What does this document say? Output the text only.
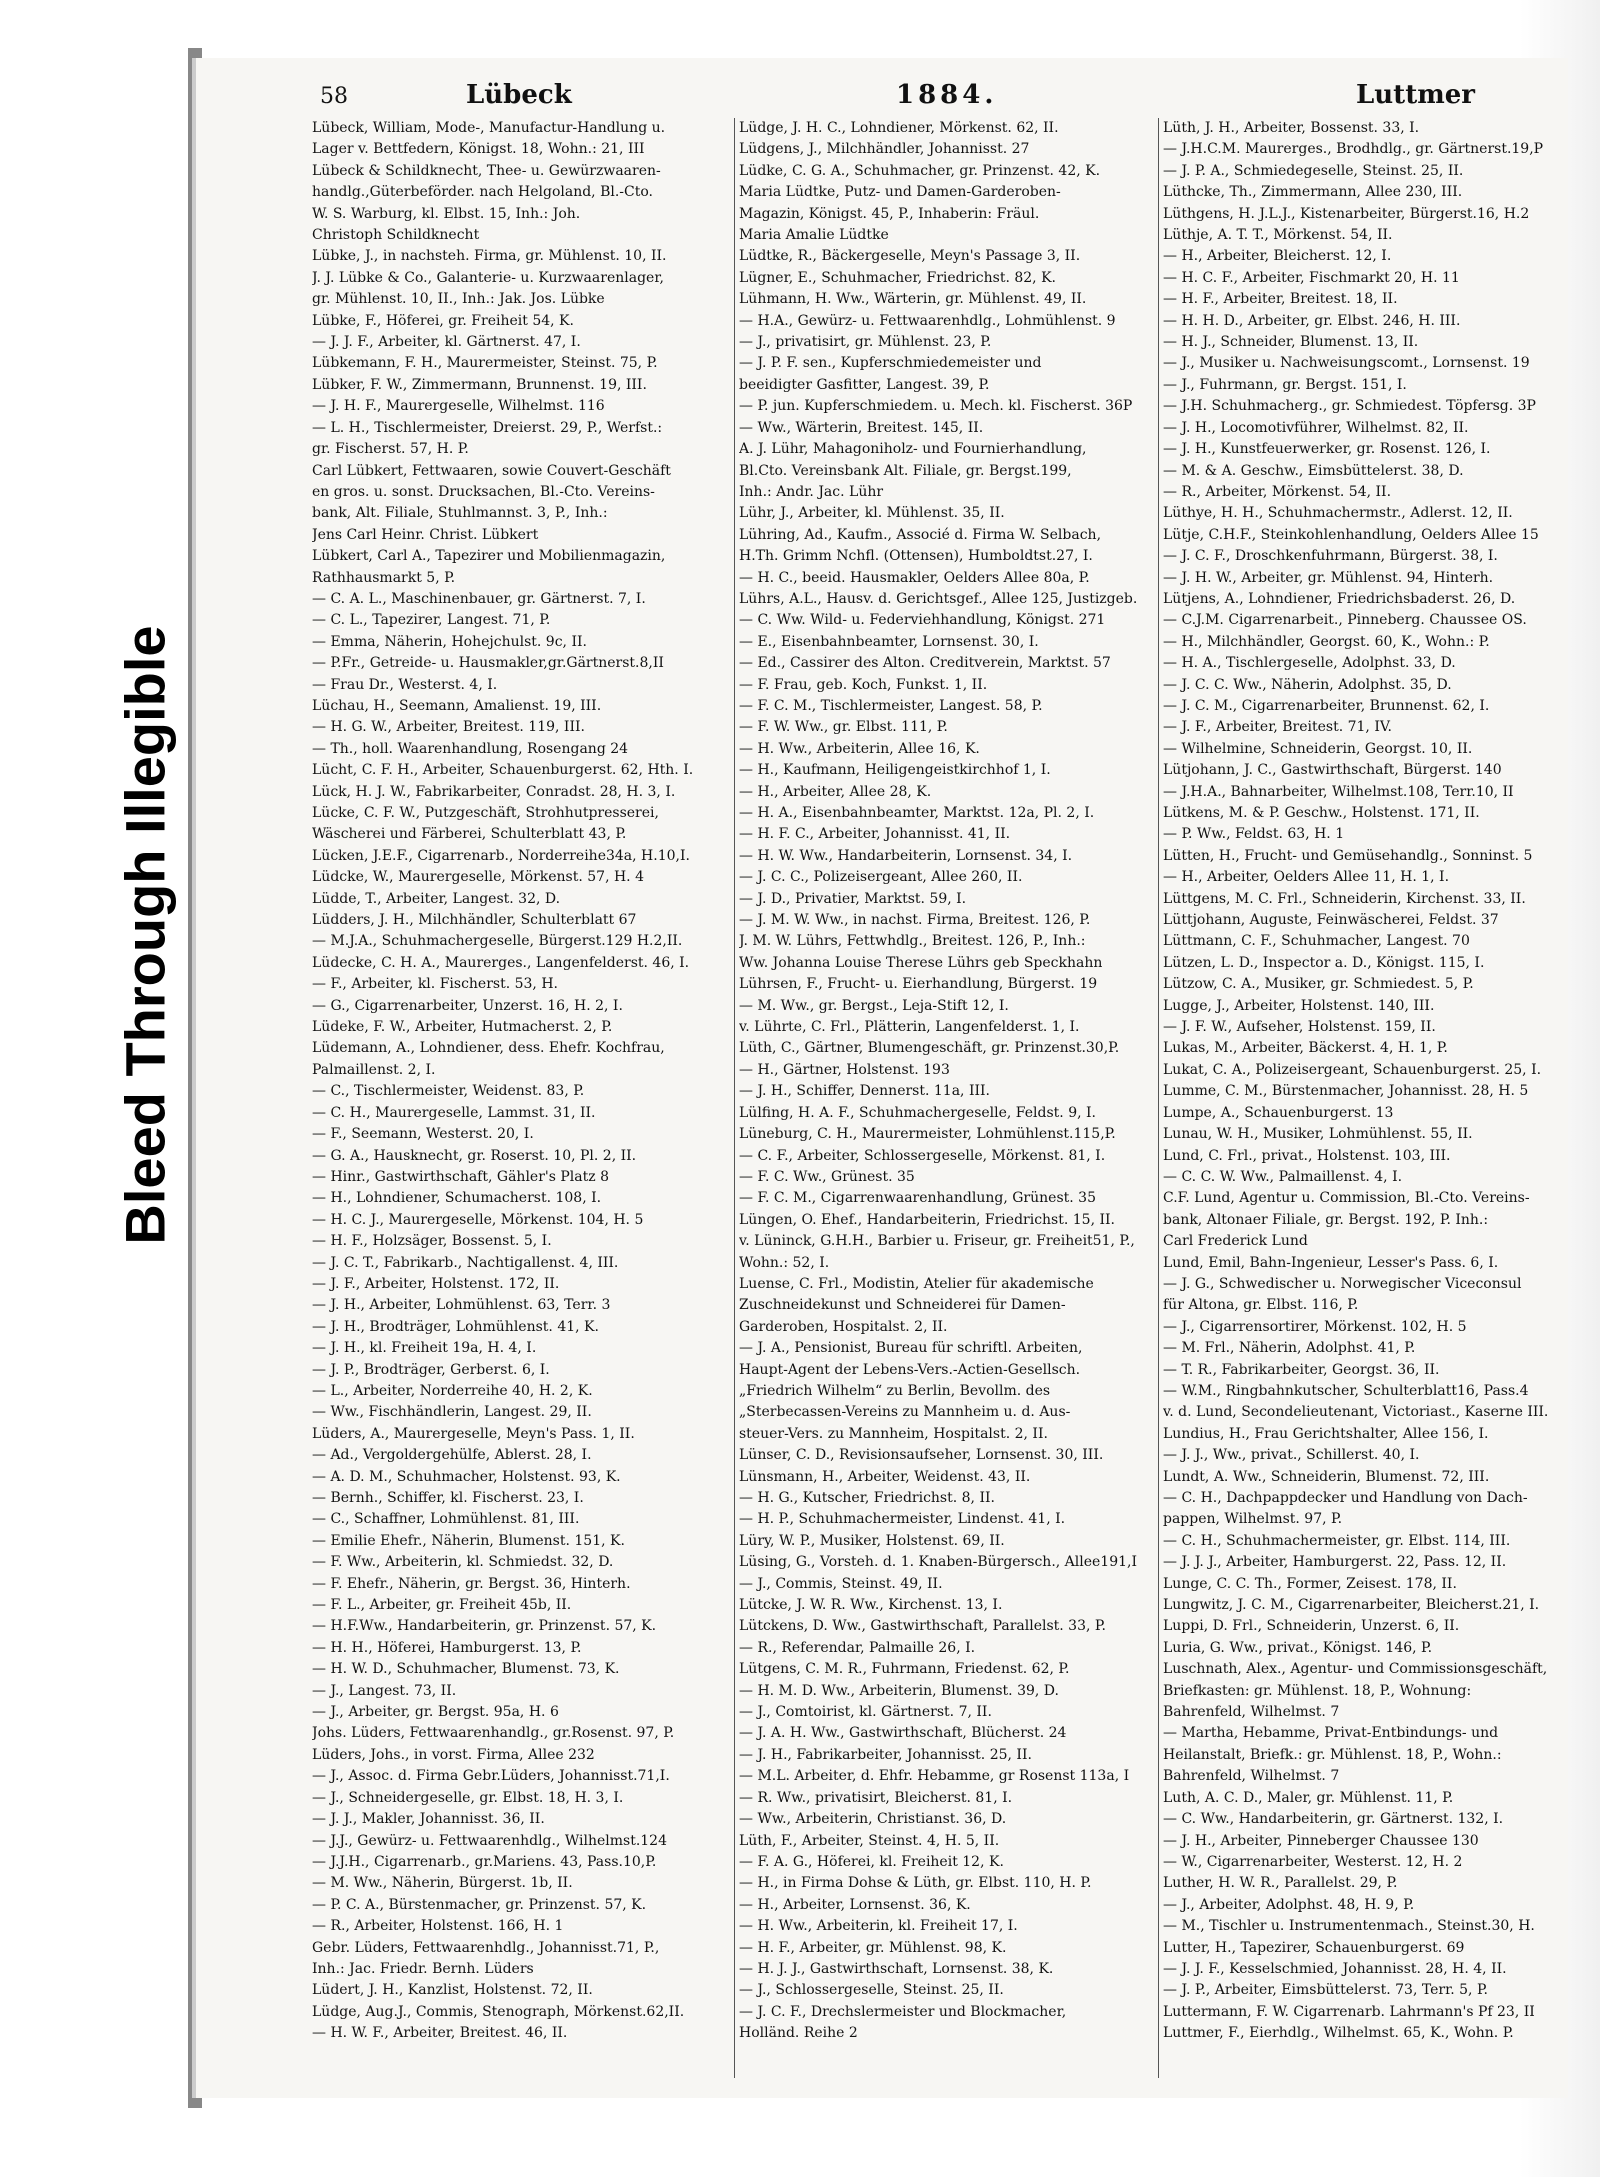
58	Lübeck	1884.	Luttmer
Lübeck, William, Mode-, Manufactur-Handlung u.
Lager v. Bettfedern, Königst. 18, Wohn.: 21, III
Lübeck & Schildknecht, Thee- u. Gewürzwaaren-
handlg.,Güterbeförder. nach Helgoland, Bl.-Cto.
W. S. Warburg, kl. Elbst. 15, Inh.: Joh.
Christoph Schildknecht
Lübke, J., in nachsteh. Firma, gr. Mühlenst. 10, II.
J. J. Lübke & Co., Galanterie- u. Kurzwaarenlager,
gr. Mühlenst. 10, II., Inh.: Jak. Jos. Lübke
Lübke, F., Höferei, gr. Freiheit 54, K.
— J. J. F., Arbeiter, kl. Gärtnerst. 47, I.
Lübkemann, F. H., Maurermeister, Steinst. 75, P.
Lübker, F. W., Zimmermann, Brunnenst. 19, III.
— J. H. F., Maurergeselle, Wilhelmst. 116
— L. H., Tischlermeister, Dreierst. 29, P., Werfst.:
gr. Fischerst. 57, H. P.
Carl Lübkert, Fettwaaren, sowie Couvert-Geschäft
en gros. u. sonst. Drucksachen, Bl.-Cto. Vereins-
bank, Alt. Filiale, Stuhlmannst. 3, P., Inh.:
Jens Carl Heinr. Christ. Lübkert
Lübkert, Carl A., Tapezirer und Mobilienmagazin,
Rathhausmarkt 5, P.
— C. A. L., Maschinenbauer, gr. Gärtnerst. 7, I.
— C. L., Tapezirer, Langest. 71, P.
— Emma, Näherin, Hohejchulst. 9c, II.
— P.Fr., Getreide- u. Hausmakler,gr.Gärtnerst.8,II
— Frau Dr., Westerst. 4, I.
Lüchau, H., Seemann, Amalienst. 19, III.
— H. G. W., Arbeiter, Breitest. 119, III.
— Th., holl. Waarenhandlung, Rosengang 24
Lücht, C. F. H., Arbeiter, Schauenburgerst. 62, Hth. I.
Lück, H. J. W., Fabrikarbeiter, Conradst. 28, H. 3, I.
Lücke, C. F. W., Putzgeschäft, Strohhutpresserei,
Wäscherei und Färberei, Schulterblatt 43, P.
Lücken, J.E.F., Cigarrenarb., Norderreihe34a, H.10,I.
Lüdcke, W., Maurergeselle, Mörkenst. 57, H. 4
Lüdde, T., Arbeiter, Langest. 32, D.
Lüdders, J. H., Milchhändler, Schulterblatt 67
— M.J.A., Schuhmachergeselle, Bürgerst.129 H.2,II.
Lüdecke, C. H. A., Maurerges., Langenfelderst. 46, I.
— F., Arbeiter, kl. Fischerst. 53, H.
— G., Cigarrenarbeiter, Unzerst. 16, H. 2, I.
Lüdeke, F. W., Arbeiter, Hutmacherst. 2, P.
Lüdemann, A., Lohndiener, dess. Ehefr. Kochfrau,
Palmaillenst. 2, I.
— C., Tischlermeister, Weidenst. 83, P.
— C. H., Maurergeselle, Lammst. 31, II.
— F., Seemann, Westerst. 20, I.
— G. A., Hausknecht, gr. Roserst. 10, Pl. 2, II.
— Hinr., Gastwirthschaft, Gähler's Platz 8
— H., Lohndiener, Schumacherst. 108, I.
— H. C. J., Maurergeselle, Mörkenst. 104, H. 5
— H. F., Holzsäger, Bossenst. 5, I.
— J. C. T., Fabrikarb., Nachtigallenst. 4, III.
— J. F., Arbeiter, Holstenst. 172, II.
— J. H., Arbeiter, Lohmühlenst. 63, Terr. 3
— J. H., Brodträger, Lohmühlenst. 41, K.
— J. H., kl. Freiheit 19a, H. 4, I.
— J. P., Brodträger, Gerberst. 6, I.
— L., Arbeiter, Norderreihe 40, H. 2, K.
— Ww., Fischhändlerin, Langest. 29, II.
Lüders, A., Maurergeselle, Meyn's Pass. 1, II.
— Ad., Vergoldergehülfe, Ablerst. 28, I.
— A. D. M., Schuhmacher, Holstenst. 93, K.
— Bernh., Schiffer, kl. Fischerst. 23, I.
— C., Schaffner, Lohmühlenst. 81, III.
— Emilie Ehefr., Näherin, Blumenst. 151, K.
— F. Ww., Arbeiterin, kl. Schmiedst. 32, D.
— F. Ehefr., Näherin, gr. Bergst. 36, Hinterh.
— F. L., Arbeiter, gr. Freiheit 45b, II.
— H.F.Ww., Handarbeiterin, gr. Prinzenst. 57, K.
— H. H., Höferei, Hamburgerst. 13, P.
— H. W. D., Schuhmacher, Blumenst. 73, K.
— J., Langest. 73, II.
— J., Arbeiter, gr. Bergst. 95a, H. 6
Johs. Lüders, Fettwaarenhandlg., gr.Rosenst. 97, P.
Lüders, Johs., in vorst. Firma, Allee 232
— J., Assoc. d. Firma Gebr.Lüders, Johannisst.71,I.
— J., Schneidergeselle, gr. Elbst. 18, H. 3, I.
— J. J., Makler, Johannisst. 36, II.
— J.J., Gewürz- u. Fettwaarenhdlg., Wilhelmst.124
— J.J.H., Cigarrenarb., gr.Mariens. 43, Pass.10,P.
— M. Ww., Näherin, Bürgerst. 1b, II.
— P. C. A., Bürstenmacher, gr. Prinzenst. 57, K.
— R., Arbeiter, Holstenst. 166, H. 1
Gebr. Lüders, Fettwaarenhdlg., Johannisst.71, P.,
Inh.: Jac. Friedr. Bernh. Lüders
Lüdert, J. H., Kanzlist, Holstenst. 72, II.
Lüdge, Aug.J., Commis, Stenograph, Mörkenst.62,II.
— H. W. F., Arbeiter, Breitest. 46, II.
Lüdge, J. H. C., Lohndiener, Mörkenst. 62, II.
Lüdgens, J., Milchhändler, Johannisst. 27
Lüdke, C. G. A., Schuhmacher, gr. Prinzenst. 42, K.
Maria Lüdtke, Putz- und Damen-Garderoben-
Magazin, Königst. 45, P., Inhaberin: Fräul.
Maria Amalie Lüdtke
Lüdtke, R., Bäckergeselle, Meyn's Passage 3, II.
Lügner, E., Schuhmacher, Friedrichst. 82, K.
Lühmann, H. Ww., Wärterin, gr. Mühlenst. 49, II.
— H.A., Gewürz- u. Fettwaarenhdlg., Lohmühlenst. 9
— J., privatisirt, gr. Mühlenst. 23, P.
— J. P. F. sen., Kupferschmiedemeister und
beeidigter Gasfitter, Langest. 39, P.
— P. jun. Kupferschmiedem. u. Mech. kl. Fischerst. 36P
— Ww., Wärterin, Breitest. 145, II.
A. J. Lühr, Mahagoniholz- und Fournierhandlung,
Bl.Cto. Vereinsbank Alt. Filiale, gr. Bergst.199,
Inh.: Andr. Jac. Lühr
Lühr, J., Arbeiter, kl. Mühlenst. 35, II.
Lühring, Ad., Kaufm., Associé d. Firma W. Selbach,
H.Th. Grimm Nchfl. (Ottensen), Humboldtst.27, I.
— H. C., beeid. Hausmakler, Oelders Allee 80a, P.
Lührs, A.L., Hausv. d. Gerichtsgef., Allee 125, Justizgeb.
— C. Ww. Wild- u. Federviehhandlung, Königst. 271
— E., Eisenbahnbeamter, Lornsenst. 30, I.
— Ed., Cassirer des Alton. Creditverein, Marktst. 57
— F. Frau, geb. Koch, Funkst. 1, II.
— F. C. M., Tischlermeister, Langest. 58, P.
— F. W. Ww., gr. Elbst. 111, P.
— H. Ww., Arbeiterin, Allee 16, K.
— H., Kaufmann, Heiligengeistkirchhof 1, I.
— H., Arbeiter, Allee 28, K.
— H. A., Eisenbahnbeamter, Marktst. 12a, Pl. 2, I.
— H. F. C., Arbeiter, Johannisst. 41, II.
— H. W. Ww., Handarbeiterin, Lornsenst. 34, I.
— J. C. C., Polizeisergeant, Allee 260, II.
— J. D., Privatier, Marktst. 59, I.
— J. M. W. Ww., in nachst. Firma, Breitest. 126, P.
J. M. W. Lührs, Fettwhdlg., Breitest. 126, P., Inh.:
Ww. Johanna Louise Therese Lührs geb Speckhahn
Lührsen, F., Frucht- u. Eierhandlung, Bürgerst. 19
— M. Ww., gr. Bergst., Leja-Stift 12, I.
v. Lührte, C. Frl., Plätterin, Langenfelderst. 1, I.
Lüth, C., Gärtner, Blumengeschäft, gr. Prinzenst.30,P.
— H., Gärtner, Holstenst. 193
— J. H., Schiffer, Dennerst. 11a, III.
Lülfing, H. A. F., Schuhmachergeselle, Feldst. 9, I.
Lüneburg, C. H., Maurermeister, Lohmühlenst.115,P.
— C. F., Arbeiter, Schlossergeselle, Mörkenst. 81, I.
— F. C. Ww., Grünest. 35
— F. C. M., Cigarrenwaarenhandlung, Grünest. 35
Lüngen, O. Ehef., Handarbeiterin, Friedrichst. 15, II.
v. Lüninck, G.H.H., Barbier u. Friseur, gr. Freiheit51, P.,
Wohn.: 52, I.
Luense, C. Frl., Modistin, Atelier für akademische
Zuschneidekunst und Schneiderei für Damen-
Garderoben, Hospitalst. 2, II.
— J. A., Pensionist, Bureau für schriftl. Arbeiten,
Haupt-Agent der Lebens-Vers.-Actien-Gesellsch.
„Friedrich Wilhelm“ zu Berlin, Bevollm. des
„Sterbecassen-Vereins zu Mannheim u. d. Aus-
steuer-Vers. zu Mannheim, Hospitalst. 2, II.
Lünser, C. D., Revisionsaufseher, Lornsenst. 30, III.
Lünsmann, H., Arbeiter, Weidenst. 43, II.
— H. G., Kutscher, Friedrichst. 8, II.
— H. P., Schuhmachermeister, Lindenst. 41, I.
Lüry, W. P., Musiker, Holstenst. 69, II.
Lüsing, G., Vorsteh. d. 1. Knaben-Bürgersch., Allee191,I
— J., Commis, Steinst. 49, II.
Lütcke, J. W. R. Ww., Kirchenst. 13, I.
Lütckens, D. Ww., Gastwirthschaft, Parallelst. 33, P.
— R., Referendar, Palmaille 26, I.
Lütgens, C. M. R., Fuhrmann, Friedenst. 62, P.
— H. M. D. Ww., Arbeiterin, Blumenst. 39, D.
— J., Comtoirist, kl. Gärtnerst. 7, II.
— J. A. H. Ww., Gastwirthschaft, Blücherst. 24
— J. H., Fabrikarbeiter, Johannisst. 25, II.
— M.L. Arbeiter, d. Ehfr. Hebamme, gr Rosenst 113a, I
— R. Ww., privatisirt, Bleicherst. 81, I.
— Ww., Arbeiterin, Christianst. 36, D.
Lüth, F., Arbeiter, Steinst. 4, H. 5, II.
— F. A. G., Höferei, kl. Freiheit 12, K.
— H., in Firma Dohse & Lüth, gr. Elbst. 110, H. P.
— H., Arbeiter, Lornsenst. 36, K.
— H. Ww., Arbeiterin, kl. Freiheit 17, I.
— H. F., Arbeiter, gr. Mühlenst. 98, K.
— H. J. J., Gastwirthschaft, Lornsenst. 38, K.
— J., Schlossergeselle, Steinst. 25, II.
— J. C. F., Drechslermeister und Blockmacher,
Holländ. Reihe 2
Lüth, J. H., Arbeiter, Bossenst. 33, I.
— J.H.C.M. Maurerges., Brodhdlg., gr. Gärtnerst.19,P
— J. P. A., Schmiedegeselle, Steinst. 25, II.
Lüthcke, Th., Zimmermann, Allee 230, III.
Lüthgens, H. J.L.J., Kistenarbeiter, Bürgerst.16, H.2
Lüthje, A. T. T., Mörkenst. 54, II.
— H., Arbeiter, Bleicherst. 12, I.
— H. C. F., Arbeiter, Fischmarkt 20, H. 11
— H. F., Arbeiter, Breitest. 18, II.
— H. H. D., Arbeiter, gr. Elbst. 246, H. III.
— H. J., Schneider, Blumenst. 13, II.
— J., Musiker u. Nachweisungscomt., Lornsenst. 19
— J., Fuhrmann, gr. Bergst. 151, I.
— J.H. Schuhmacherg., gr. Schmiedest. Töpfersg. 3P
— J. H., Locomotivführer, Wilhelmst. 82, II.
— J. H., Kunstfeuerwerker, gr. Rosenst. 126, I.
— M. & A. Geschw., Eimsbüttelerst. 38, D.
— R., Arbeiter, Mörkenst. 54, II.
Lüthye, H. H., Schuhmachermstr., Adlerst. 12, II.
Lütje, C.H.F., Steinkohlenhandlung, Oelders Allee 15
— J. C. F., Droschkenfuhrmann, Bürgerst. 38, I.
— J. H. W., Arbeiter, gr. Mühlenst. 94, Hinterh.
Lütjens, A., Lohndiener, Friedrichsbaderst. 26, D.
— C.J.M. Cigarrenarbeit., Pinneberg. Chaussee OS.
— H., Milchhändler, Georgst. 60, K., Wohn.: P.
— H. A., Tischlergeselle, Adolphst. 33, D.
— J. C. C. Ww., Näherin, Adolphst. 35, D.
— J. C. M., Cigarrenarbeiter, Brunnenst. 62, I.
— J. F., Arbeiter, Breitest. 71, IV.
— Wilhelmine, Schneiderin, Georgst. 10, II.
Lütjohann, J. C., Gastwirthschaft, Bürgerst. 140
— J.H.A., Bahnarbeiter, Wilhelmst.108, Terr.10, II
Lütkens, M. & P. Geschw., Holstenst. 171, II.
— P. Ww., Feldst. 63, H. 1
Lütten, H., Frucht- und Gemüsehandlg., Sonninst. 5
— H., Arbeiter, Oelders Allee 11, H. 1, I.
Lüttgens, M. C. Frl., Schneiderin, Kirchenst. 33, II.
Lüttjohann, Auguste, Feinwäscherei, Feldst. 37
Lüttmann, C. F., Schuhmacher, Langest. 70
Lützen, L. D., Inspector a. D., Königst. 115, I.
Lützow, C. A., Musiker, gr. Schmiedest. 5, P.
Lugge, J., Arbeiter, Holstenst. 140, III.
— J. F. W., Aufseher, Holstenst. 159, II.
Lukas, M., Arbeiter, Bäckerst. 4, H. 1, P.
Lukat, C. A., Polizeisergeant, Schauenburgerst. 25, I.
Lumme, C. M., Bürstenmacher, Johannisst. 28, H. 5
Lumpe, A., Schauenburgerst. 13
Lunau, W. H., Musiker, Lohmühlenst. 55, II.
Lund, C. Frl., privat., Holstenst. 103, III.
— C. C. W. Ww., Palmaillenst. 4, I.
C.F. Lund, Agentur u. Commission, Bl.-Cto. Vereins-
bank, Altonaer Filiale, gr. Bergst. 192, P. Inh.:
Carl Frederick Lund
Lund, Emil, Bahn-Ingenieur, Lesser's Pass. 6, I.
— J. G., Schwedischer u. Norwegischer Viceconsul
für Altona, gr. Elbst. 116, P.
— J., Cigarrensortirer, Mörkenst. 102, H. 5
— M. Frl., Näherin, Adolphst. 41, P.
— T. R., Fabrikarbeiter, Georgst. 36, II.
— W.M., Ringbahnkutscher, Schulterblatt16, Pass.4
v. d. Lund, Secondelieutenant, Victoriast., Kaserne III.
Lundius, H., Frau Gerichtshalter, Allee 156, I.
— J. J., Ww., privat., Schillerst. 40, I.
Lundt, A. Ww., Schneiderin, Blumenst. 72, III.
— C. H., Dachpappdecker und Handlung von Dach-
pappen, Wilhelmst. 97, P.
— C. H., Schuhmachermeister, gr. Elbst. 114, III.
— J. J. J., Arbeiter, Hamburgerst. 22, Pass. 12, II.
Lunge, C. C. Th., Former, Zeisest. 178, II.
Lungwitz, J. C. M., Cigarrenarbeiter, Bleicherst.21, I.
Luppi, D. Frl., Schneiderin, Unzerst. 6, II.
Luria, G. Ww., privat., Königst. 146, P.
Luschnath, Alex., Agentur- und Commissionsgeschäft,
Briefkasten: gr. Mühlenst. 18, P., Wohnung:
Bahrenfeld, Wilhelmst. 7
— Martha, Hebamme, Privat-Entbindungs- und
Heilanstalt, Briefk.: gr. Mühlenst. 18, P., Wohn.:
Bahrenfeld, Wilhelmst. 7
Luth, A. C. D., Maler, gr. Mühlenst. 11, P.
— C. Ww., Handarbeiterin, gr. Gärtnerst. 132, I.
— J. H., Arbeiter, Pinneberger Chaussee 130
— W., Cigarrenarbeiter, Westerst. 12, H. 2
Luther, H. W. R., Parallelst. 29, P.
— J., Arbeiter, Adolphst. 48, H. 9, P.
— M., Tischler u. Instrumentenmach., Steinst.30, H.
Lutter, H., Tapezirer, Schauenburgerst. 69
— J. J. F., Kesselschmied, Johannisst. 28, H. 4, II.
— J. P., Arbeiter, Eimsbüttelerst. 73, Terr. 5, P.
Luttermann, F. W. Cigarrenarb. Lahrmann's Pf 23, II
Luttmer, F., Eierhdlg., Wilhelmst. 65, K., Wohn. P.
Bleed Through Illegible
